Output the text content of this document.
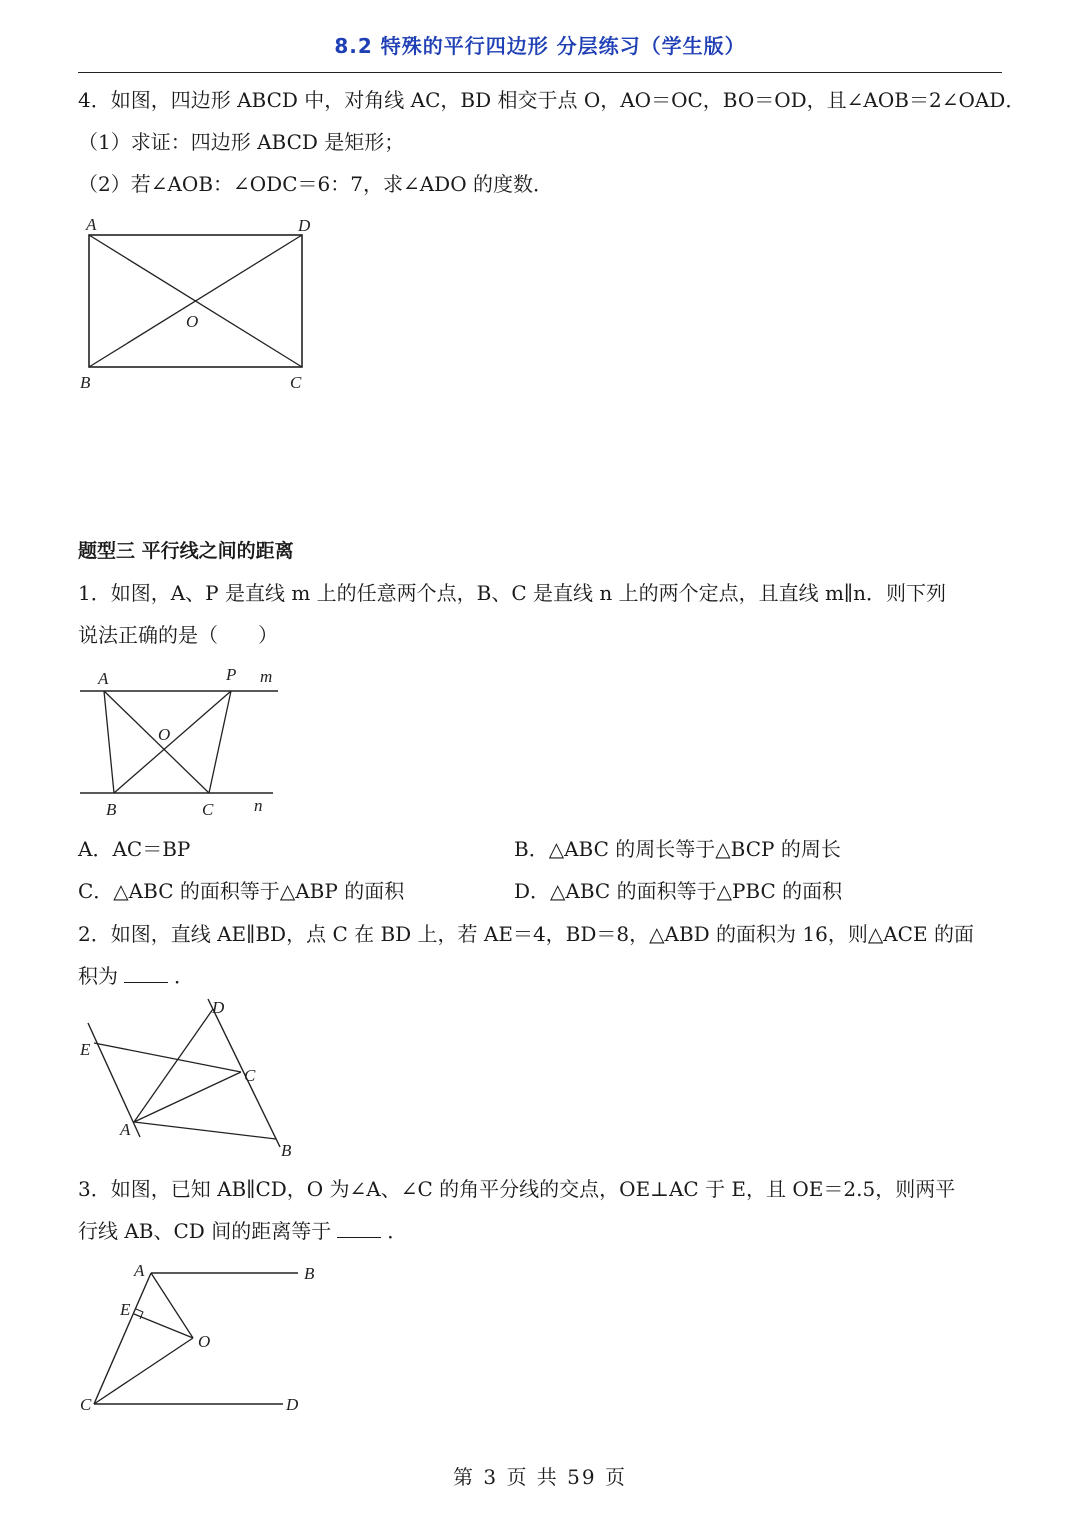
8.2 特殊的平行四边形 分层练习（学生版）
4．如图，四边形 ABCD 中，对角线 AC，BD 相交于点 O，AO＝OC，BO＝OD，且∠AOB＝2∠OAD．
（1）求证：四边形 ABCD 是矩形；
（2）若∠AOB：∠ODC＝6：7，求∠ADO 的度数．
A	D
O
B	C
题型三 平行线之间的距离
1．如图，A、P 是直线 m 上的任意两个点，B、C 是直线 n 上的两个定点，且直线 m∥n．则下列
说法正确的是（　　）
A	P m
O
B	C n
A．AC＝BP	B．△ABC 的周长等于△BCP 的周长
C．△ABC 的面积等于△ABP 的面积	D．△ABC 的面积等于△PBC 的面积
2．如图，直线 AE∥BD，点 C 在 BD 上，若 AE＝4，BD＝8，△ABD 的面积为 16，则△ACE 的面
积为	．
D
E
C
A
B
3．如图，已知 AB∥CD，O 为∠A、∠C 的角平分线的交点，OE⊥AC 于 E，且 OE＝2.5，则两平
行线 AB、CD 间的距离等于	．
A	B
E
O
C	D
第 3 页 共 59 页
